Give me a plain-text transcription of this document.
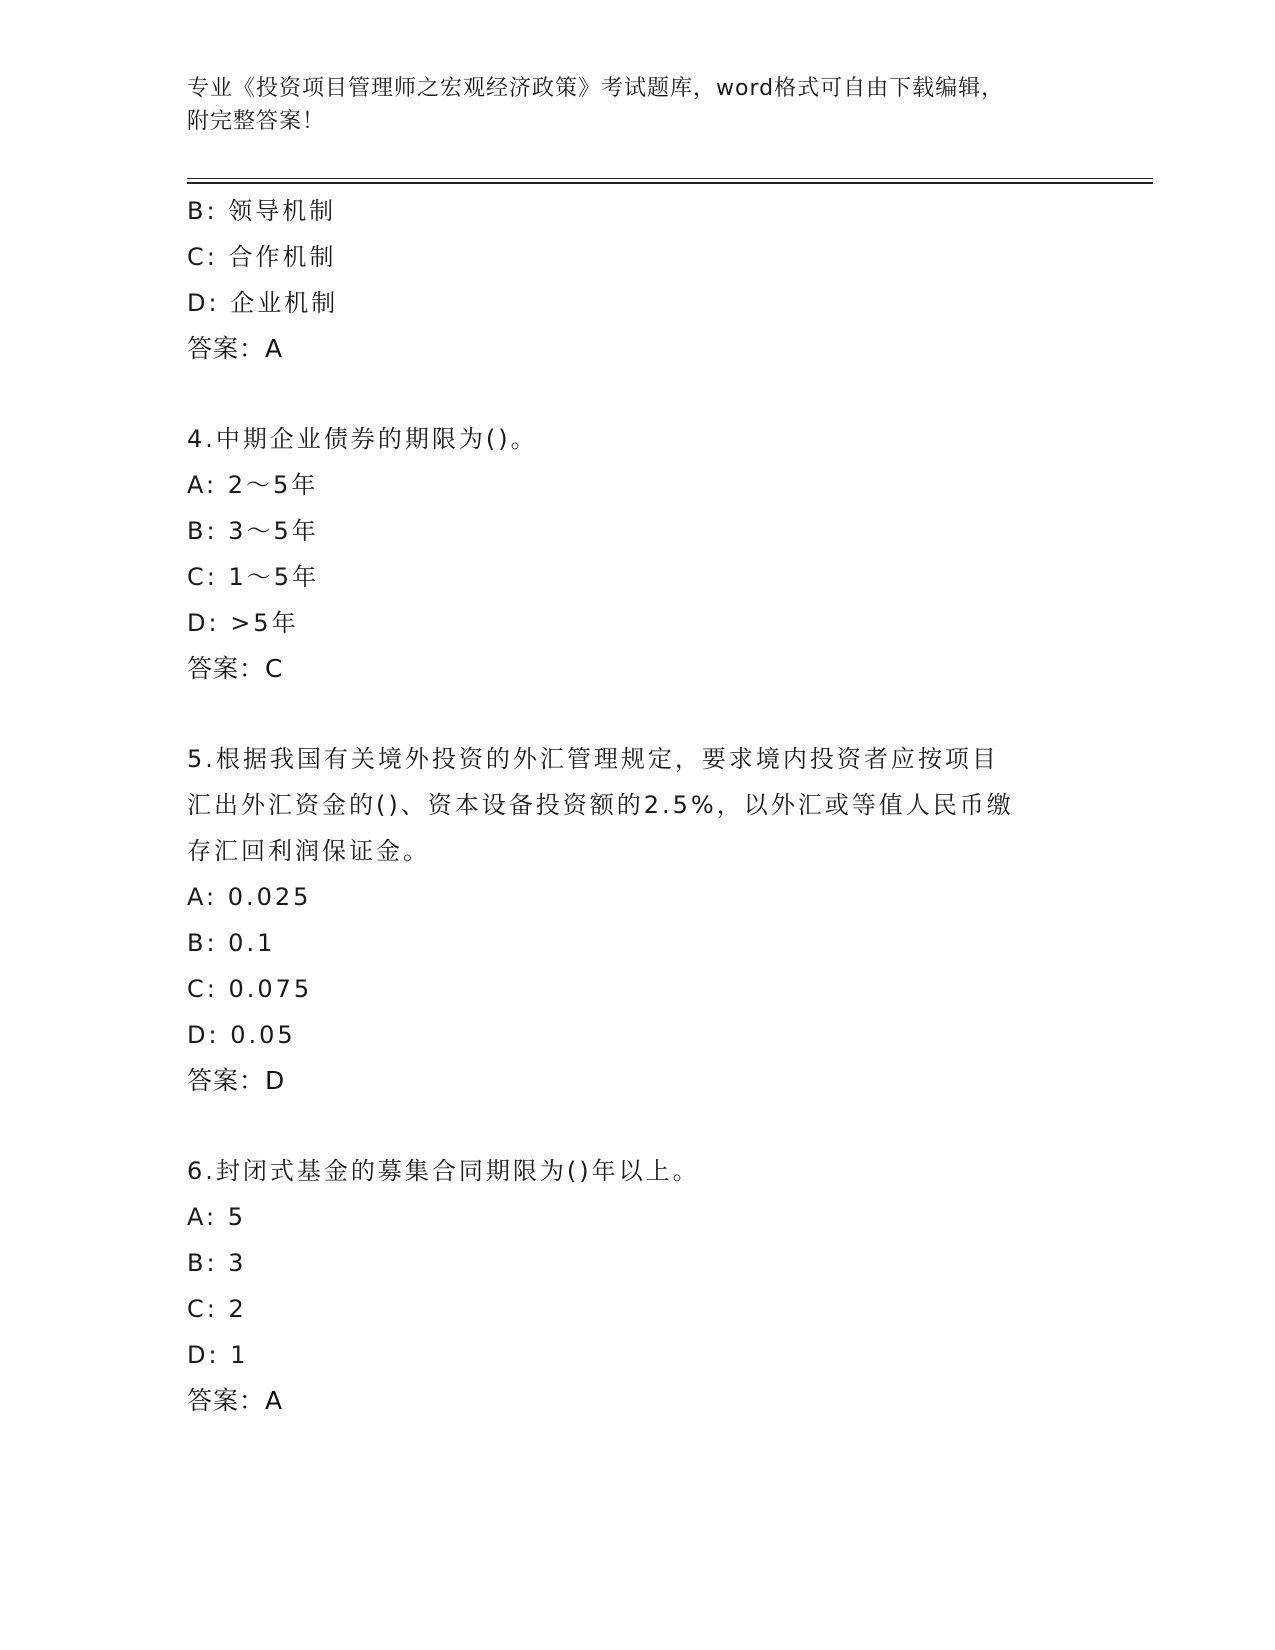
专业《投资项目管理师之宏观经济政策》考试题库，word格式可自由下载编辑，
附完整答案！
B: 领导机制
C: 合作机制
D: 企业机制
答案：A
4.中期企业债券的期限为()。
A: 2～5年
B: 3～5年
C: 1～5年
D: >5年
答案：C
5.根据我国有关境外投资的外汇管理规定，要求境内投资者应按项目
汇出外汇资金的()、资本设备投资额的2.5%，以外汇或等值人民币缴
存汇回利润保证金。
A: 0.025
B: 0.1
C: 0.075
D: 0.05
答案：D
6.封闭式基金的募集合同期限为()年以上。
A: 5
B: 3
C: 2
D: 1
答案：A
